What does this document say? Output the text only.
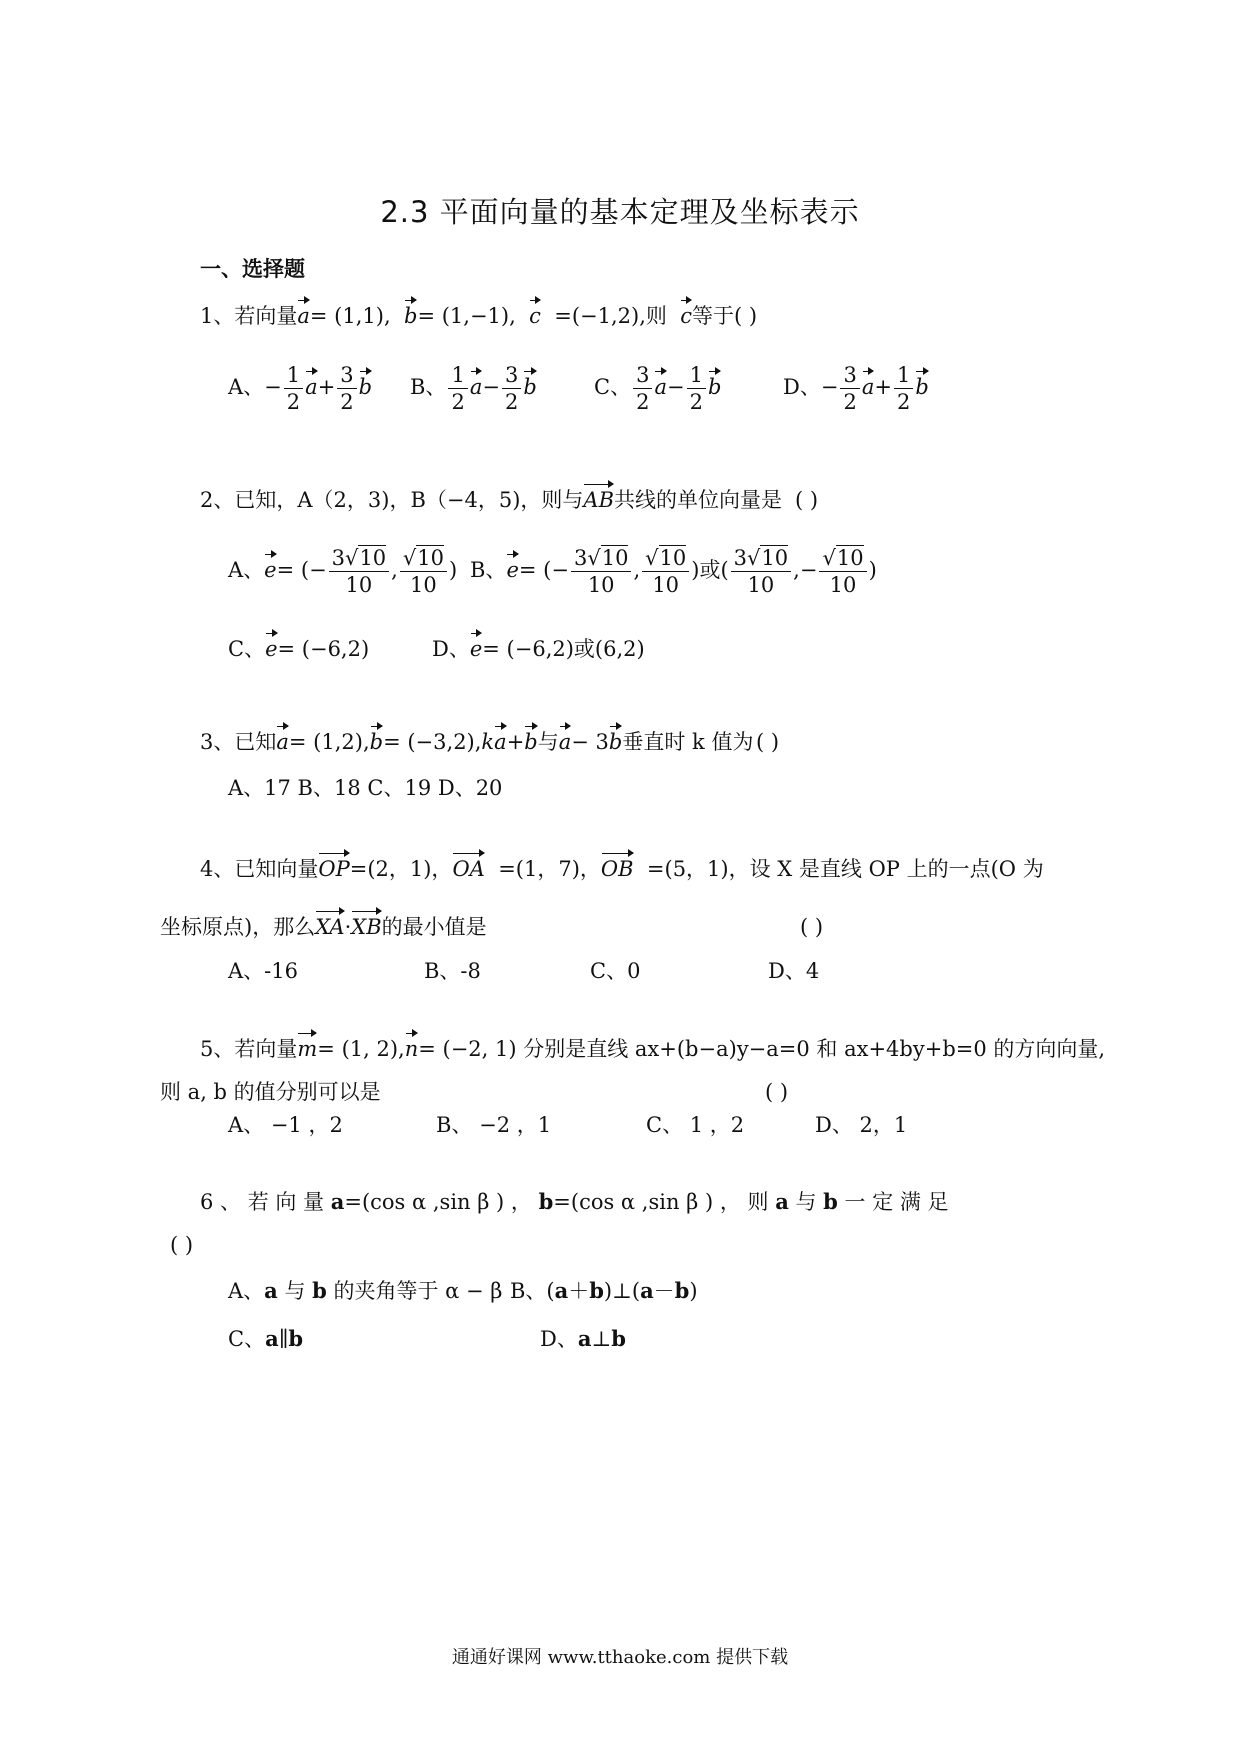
2.3 平面向量的基本定理及坐标表示
一、选择题
1、若向量a= (1,1), b= (1,−1), c =(−1,2),则 c等于( )
A、− $\frac{1}{2} a+ \frac{3}{2}$ b B、 $\frac{1}{2} a- \frac{3}{2}$ b	C、 $\frac{3}{2} a- \frac{1}{2}$ b	D、− $\frac{3}{2} a+ \frac{1}{2}$ b
2、已知，A（2，3)，B（−4，5)，则与AB共线的单位向量是 ( )
A、e= (− $\frac{3√10}{10}$ , $\frac{√10}{10}$ ) B、e= (− $\frac{3√10}{10}$ , $\frac{√10}{10}$ )或( $\frac{3√10}{10}$ ,− $\frac{√10}{10}$ )
C、e= (−6,2)	D、e= (−6,2)或(6,2)
3、已知a= (1,2),b= (−3,2),ka+b与a− 3b垂直时 k 值为 ( )
A、17 B、18 C、19 D、20
4、已知向量OP=(2，1)，OA =(1，7)，OB =(5，1)，设 X 是直线 OP 上的一点(O 为
坐标原点)，那么XA·XB的最小值是	( )
A、-16	B、-8	C、0	D、4
5、若向量m= (1, 2),n= (−2, 1) 分别是直线 ax+(b−a)y−a=0 和 ax+4by+b=0 的方向向量,
则 a, b 的值分别可以是	( )
A、 −1 ，2	B、 −2 ，1	C、 1 ，2	D、 2，1
6 、 若 向 量 a=(cos α ,sin β ) ， b=(cos α ,sin β ) ， 则 a 与 b 一 定 满 足
( )
A、a 与 b 的夹角等于 α − β B、(a＋b)⊥(a－b)
C、a∥b	D、a⊥b
通通好课网 www.tthaoke.com 提供下载
